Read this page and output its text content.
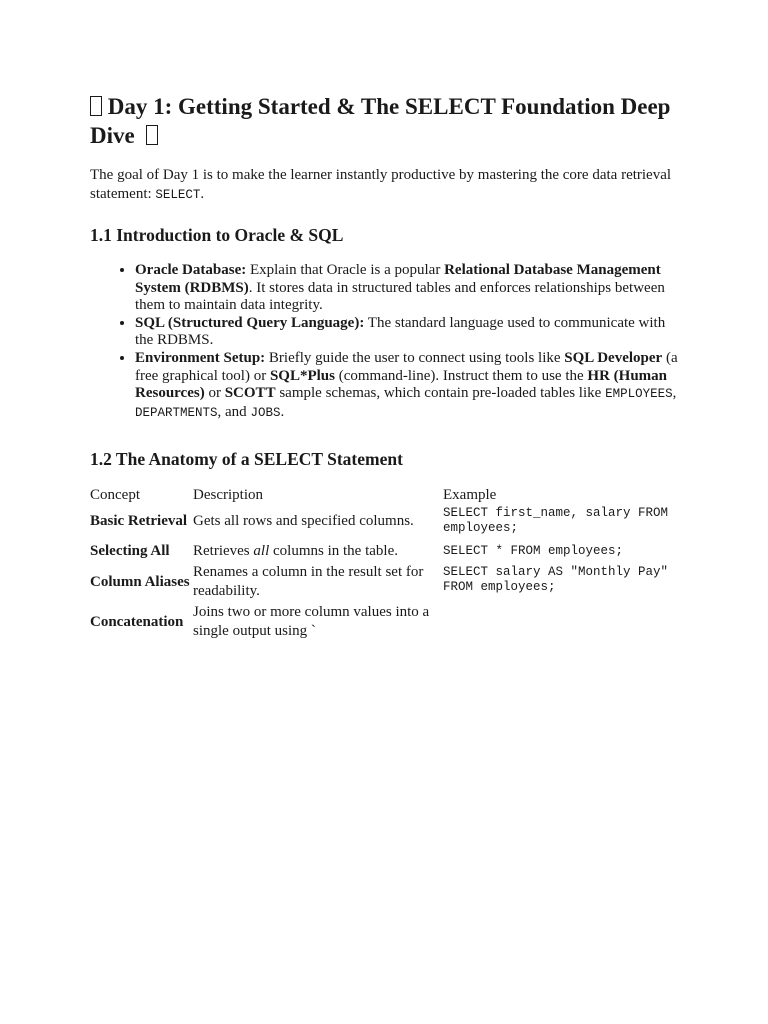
Day 1: Getting Started & The SELECT Foundation Deep Dive

The goal of Day 1 is to make the learner instantly productive by mastering the core data retrieval statement: SELECT.

1.1 Introduction to Oracle & SQL
• Oracle Database: Explain that Oracle is a popular Relational Database Management System (RDBMS). It stores data in structured tables and enforces relationships between them to maintain data integrity.
• SQL (Structured Query Language): The standard language used to communicate with the RDBMS.
• Environment Setup: Briefly guide the user to connect using tools like SQL Developer (a free graphical tool) or SQL*Plus (command-line). Instruct them to use the HR (Human Resources) or SCOTT sample schemas, which contain pre-loaded tables like EMPLOYEES, DEPARTMENTS, and JOBS.
1.2 The Anatomy of a SELECT Statement
Concept	Description	Example
Basic Retrieval	Gets all rows and specified columns.	SELECT first_name, salary FROM employees;
Selecting All	Retrieves all columns in the table.	SELECT * FROM employees;
Column Aliases	Renames a column in the result set for readability.	SELECT salary AS "Monthly Pay" FROM employees;
Concatenation	Joins two or more column values into a single output using `	
